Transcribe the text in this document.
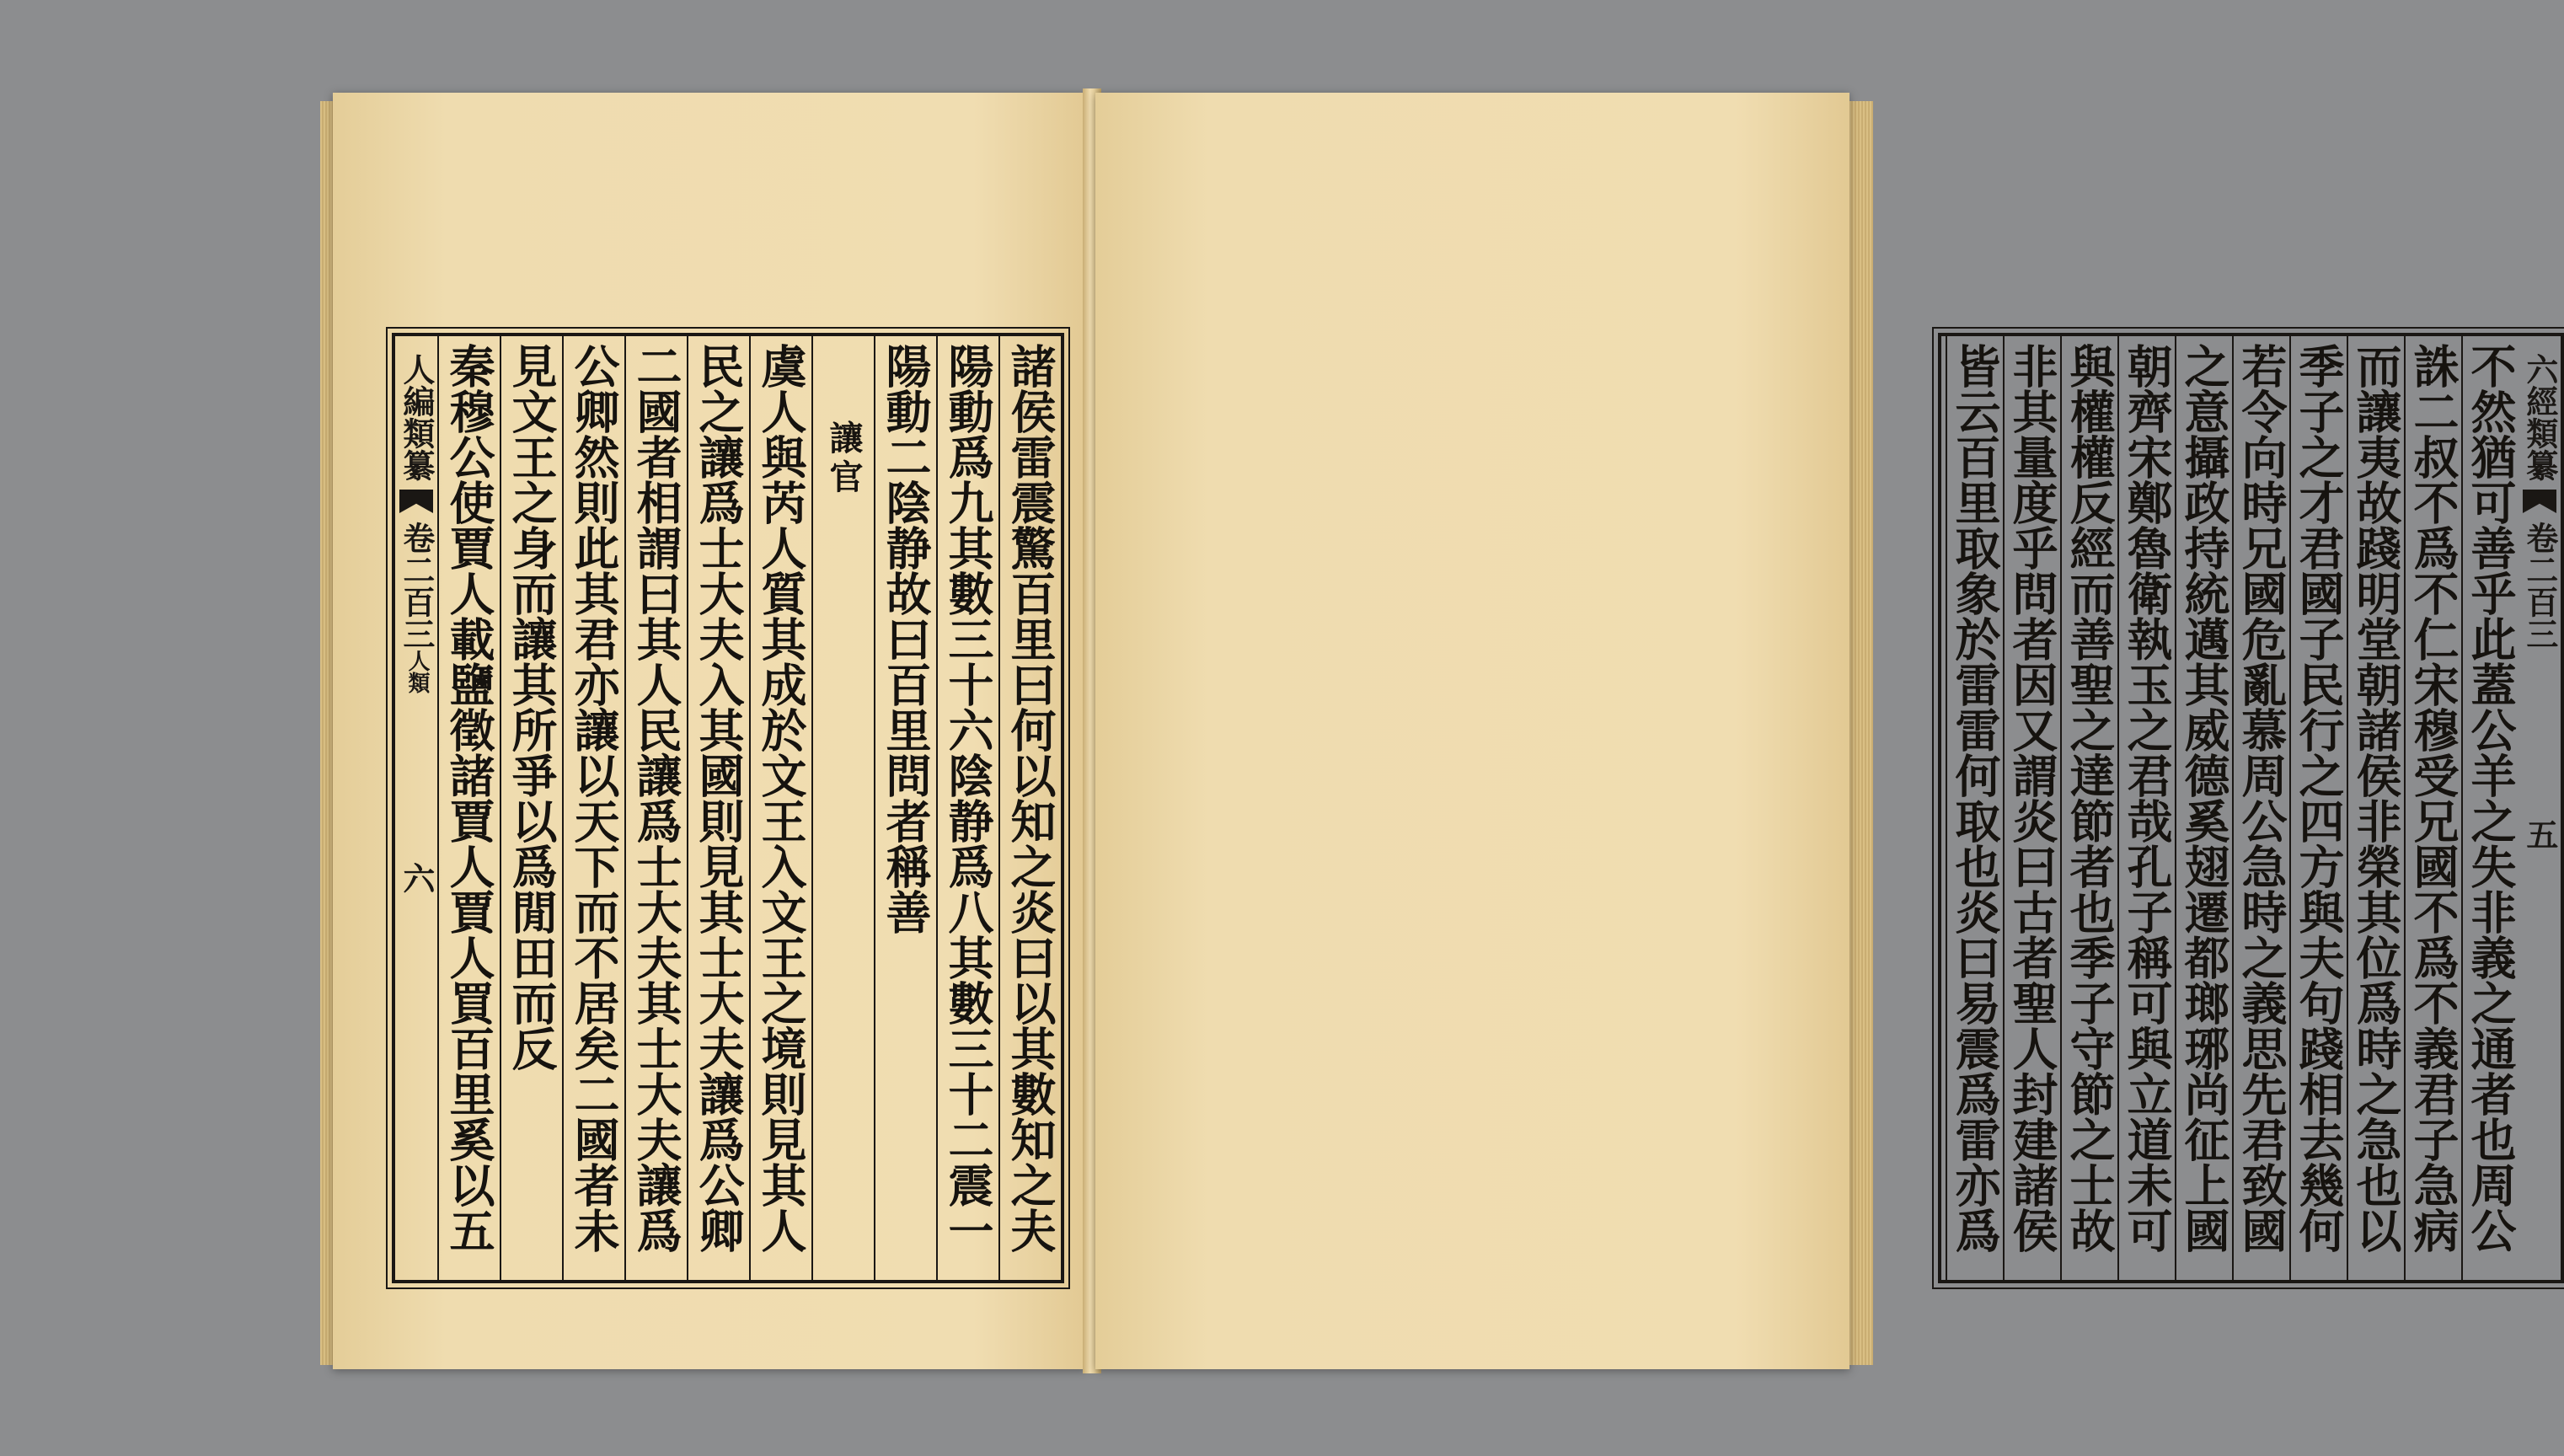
諸侯雷震驚百里曰何以知之炎曰以其數知之夫
陽動爲九其數三十六陰静爲八其數三十二震一
陽動二陰静故曰百里問者稱善
讓官
虞人與芮人質其成於文王入文王之境則見其人
民之讓爲士大夫入其國則見其士大夫讓爲公卿
二國者相謂曰其人民讓爲士大夫其士大夫讓爲
公卿然則此其君亦讓以天下而不居矣二國者未
見文王之身而讓其所爭以爲閒田而反
秦穆公使賈人載鹽徵諸賈人賈人買百里奚以五
人編類纂
卷二百三
人類
六	不然猶可善乎此蓋公羊之失非義之通者也周公
誅二叔不爲不仁宋穆受兄國不爲不義君子急病
而讓夷故踐明堂朝諸侯非榮其位爲時之急也以
季子之才君國子民行之四方與夫句踐相去幾何
若令向時兄國危亂慕周公急時之義思先君致國
之意攝政持統邁其威德奚翅遷都瑯琊尚征上國
朝齊宋鄭魯衛執玉之君哉孔子稱可與立道未可
與權權反經而善聖之達節者也季子守節之士故
非其量度乎問者因又謂炎曰古者聖人封建諸侯
皆云百里取象於雷雷何取也炎曰易震爲雷亦爲	六經類纂
卷二百三
五
